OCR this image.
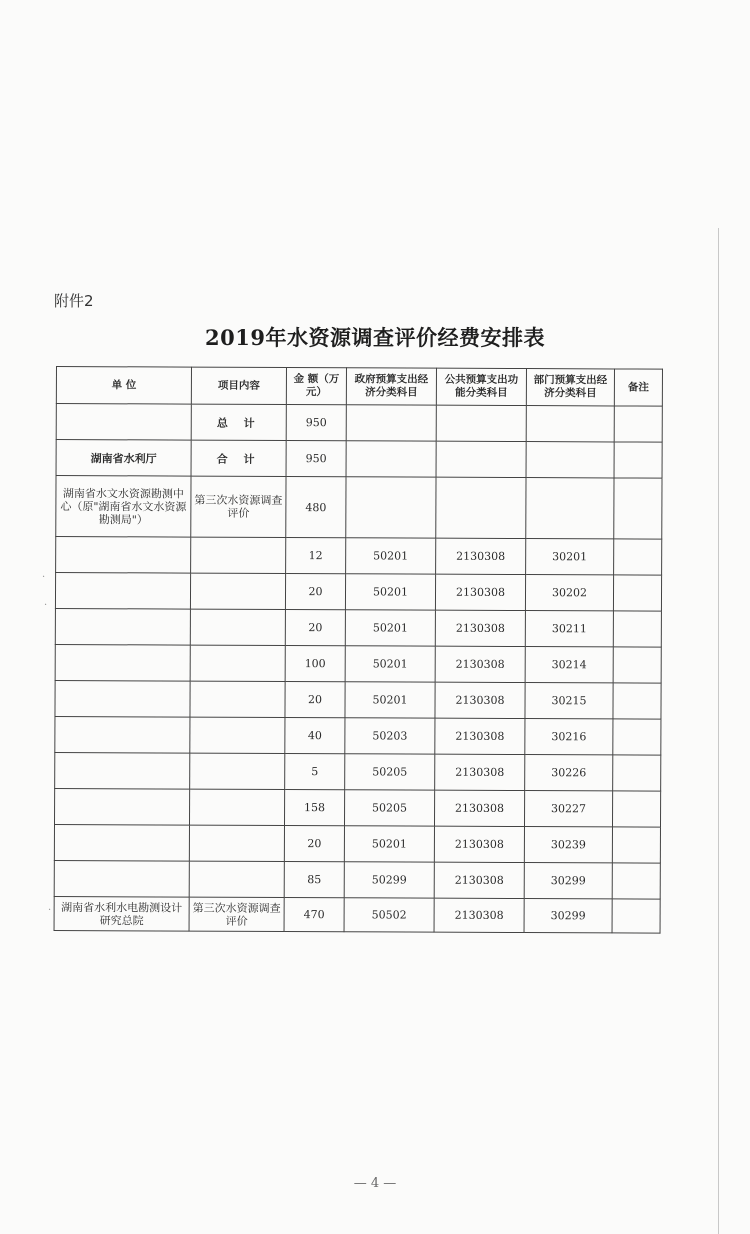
附件2
2019年水资源调查评价经费安排表
单 位	项目内容	金 额（万元）	政府预算支出经济分类科目	公共预算支出功能分类科目	部门预算支出经济分类科目	备注
	总 计	950				
湖南省水利厅	合 计	950				
湖南省水文水资源勘测中心（原"湖南省水文水资源勘测局"）	第三次水资源调查评价	480				
		12	50201	2130308	30201	
		20	50201	2130308	30202	
		20	50201	2130308	30211	
		100	50201	2130308	30214	
		20	50201	2130308	30215	
		40	50203	2130308	30216	
		5	50205	2130308	30226	
		158	50205	2130308	30227	
		20	50201	2130308	30239	
		85	50299	2130308	30299	
湖南省水利水电勘测设计研究总院	第三次水资源调查评价	470	50502	2130308	30299	
·
·
·
— 4 —
